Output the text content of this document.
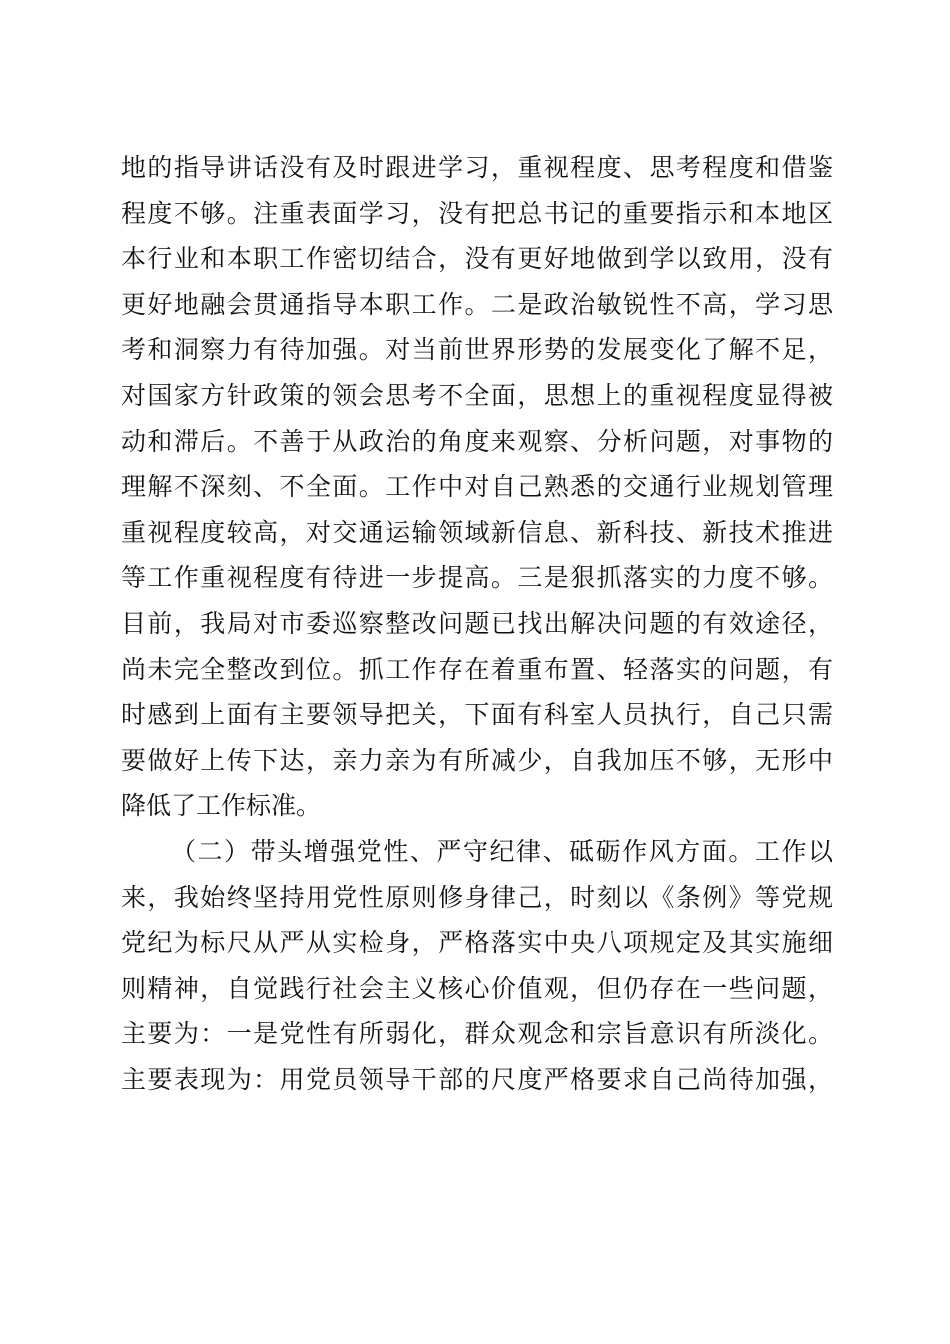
地的指导讲话没有及时跟进学习，重视程度、思考程度和借鉴
程度不够。注重表面学习，没有把总书记的重要指示和本地区
本行业和本职工作密切结合，没有更好地做到学以致用，没有
更好地融会贯通指导本职工作。二是政治敏锐性不高，学习思
考和洞察力有待加强。对当前世界形势的发展变化了解不足，
对国家方针政策的领会思考不全面，思想上的重视程度显得被
动和滞后。不善于从政治的角度来观察、分析问题，对事物的
理解不深刻、不全面。工作中对自己熟悉的交通行业规划管理
重视程度较高，对交通运输领域新信息、新科技、新技术推进
等工作重视程度有待进一步提高。三是狠抓落实的力度不够。
目前，我局对市委巡察整改问题已找出解决问题的有效途径，
尚未完全整改到位。抓工作存在着重布置、轻落实的问题，有
时感到上面有主要领导把关，下面有科室人员执行，自己只需
要做好上传下达，亲力亲为有所减少，自我加压不够，无形中
降低了工作标准。
（二）带头增强党性、严守纪律、砥砺作风方面。工作以
来，我始终坚持用党性原则修身律己，时刻以《条例》等党规
党纪为标尺从严从实检身，严格落实中央八项规定及其实施细
则精神，自觉践行社会主义核心价值观，但仍存在一些问题，
主要为：一是党性有所弱化，群众观念和宗旨意识有所淡化。
主要表现为：用党员领导干部的尺度严格要求自己尚待加强，
